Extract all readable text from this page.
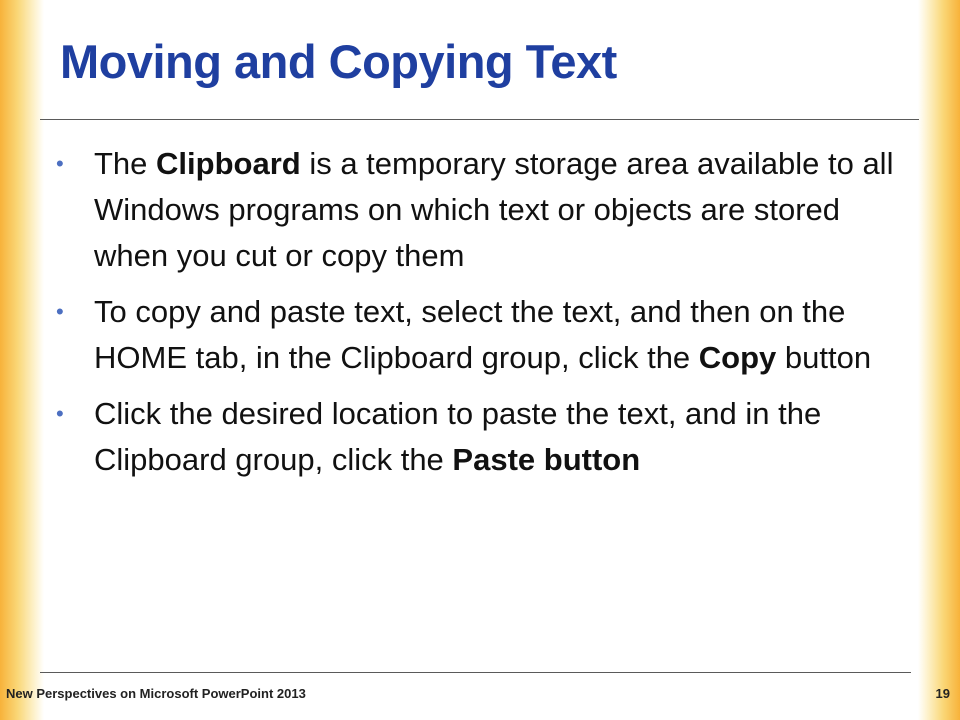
Moving and Copying Text
• The Clipboard is a temporary storage area available to all Windows programs on which text or objects are stored when you cut or copy them
• To copy and paste text, select the text, and then on the HOME tab, in the Clipboard group, click the Copy button
• Click the desired location to paste the text, and in the Clipboard group, click the Paste button
New Perspectives on Microsoft PowerPoint 2013	19
